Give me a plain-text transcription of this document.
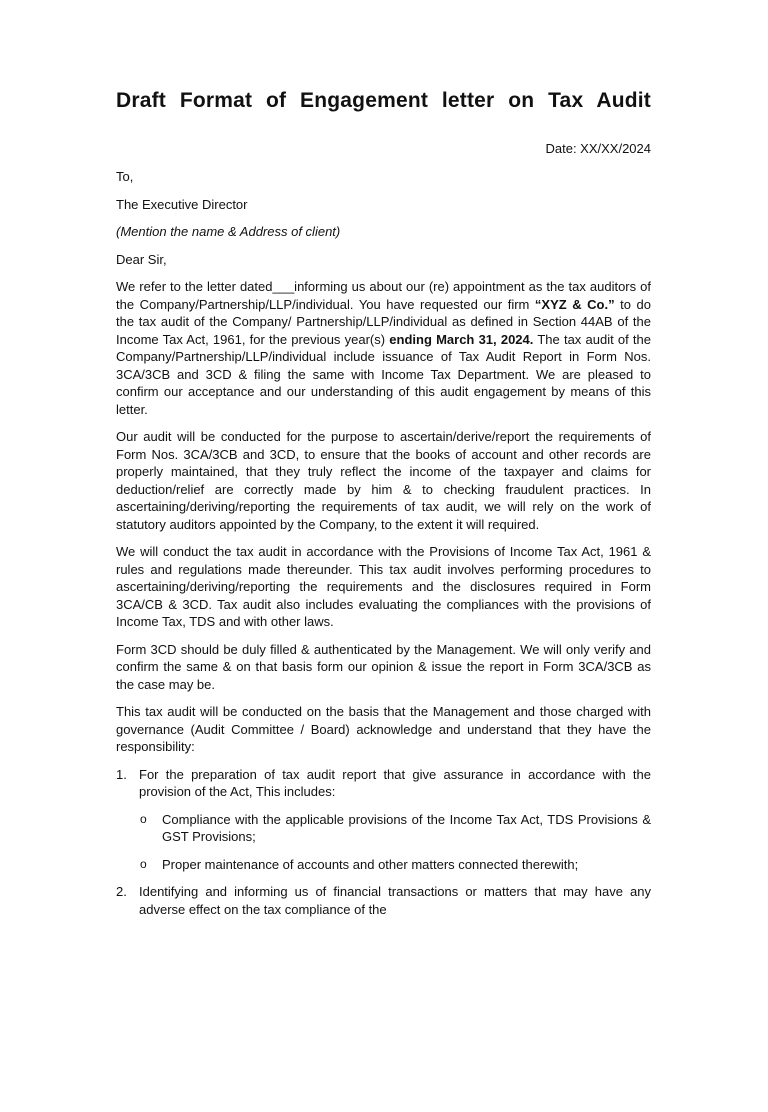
Draft Format of Engagement letter on Tax Audit
Date: XX/XX/2024
To,
The Executive Director
(Mention the name & Address of client)
Dear Sir,

We refer to the letter dated___informing us about our (re) appointment as the tax auditors of the Company/Partnership/LLP/individual. You have requested our firm “XYZ & Co.” to do the tax audit of the Company/ Partnership/LLP/individual as defined in Section 44AB of the Income Tax Act, 1961, for the previous year(s) ending March 31, 2024. The tax audit of the Company/Partnership/LLP/individual include issuance of Tax Audit Report in Form Nos. 3CA/3CB and 3CD & filing the same with Income Tax Department. We are pleased to confirm our acceptance and our understanding of this audit engagement by means of this letter.

Our audit will be conducted for the purpose to ascertain/derive/report the requirements of Form Nos. 3CA/3CB and 3CD, to ensure that the books of account and other records are properly maintained, that they truly reflect the income of the taxpayer and claims for deduction/relief are correctly made by him & to checking fraudulent practices. In ascertaining/deriving/reporting the requirements of tax audit, we will rely on the work of statutory auditors appointed by the Company, to the extent it will required.

We will conduct the tax audit in accordance with the Provisions of Income Tax Act, 1961 & rules and regulations made thereunder. This tax audit involves performing procedures to ascertaining/deriving/reporting the requirements and the disclosures required in Form 3CA/CB & 3CD. Tax audit also includes evaluating the compliances with the provisions of Income Tax, TDS and with other laws.

Form 3CD should be duly filled & authenticated by the Management. We will only verify and confirm the same & on that basis form our opinion & issue the report in Form 3CA/3CB as the case may be.

This tax audit will be conducted on the basis that the Management and those charged with governance (Audit Committee / Board) acknowledge and understand that they have the responsibility:

1. For the preparation of tax audit report that give assurance in accordance with the provision of the Act, This includes:
o Compliance with the applicable provisions of the Income Tax Act, TDS Provisions & GST Provisions;
o Proper maintenance of accounts and other matters connected therewith;
2. Identifying and informing us of financial transactions or matters that may have any adverse effect on the tax compliance of the
